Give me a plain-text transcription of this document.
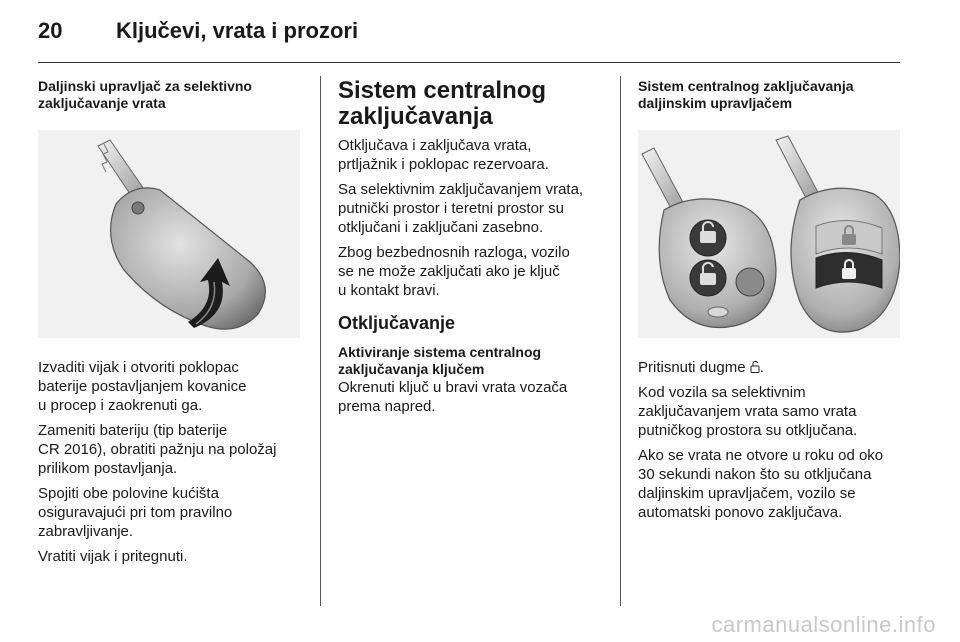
20 Ključevi, vrata i prozori

Daljinski upravljač za selektivno
zaključavanje vrata

Izvaditi vijak i otvoriti poklopac
baterije postavljanjem kovanice
u procep i zaokrenuti ga.

Zameniti bateriju (tip baterije
CR 2016), obratiti pažnju na položaj
prilikom postavljanja.

Spojiti obe polovine kućišta
osiguravajući pri tom pravilno
zabravljivanje.

Vratiti vijak i pritegnuti.

Sistem centralnog
zaključavanja

Otključava i zaključava vrata,
prtljažnik i poklopac rezervoara.

Sa selektivnim zaključavanjem vrata,
putnički prostor i teretni prostor su
otključani i zaključani zasebno.

Zbog bezbednosnih razloga, vozilo
se ne može zaključati ako je ključ
u kontakt bravi.

Otključavanje

Aktiviranje sistema centralnog
zaključavanja ključem

Okrenuti ključ u bravi vrata vozača
prema napred.

Sistem centralnog zaključavanja
daljinskim upravljačem

Pritisnuti dugme .

Kod vozila sa selektivnim
zaključavanjem vrata samo vrata
putničkog prostora su otključana.

Ako se vrata ne otvore u roku od oko
30 sekundi nakon što su otključana
daljinskim upravljačem, vozilo se
automatski ponovo zaključava.

carmanualsonline.info
